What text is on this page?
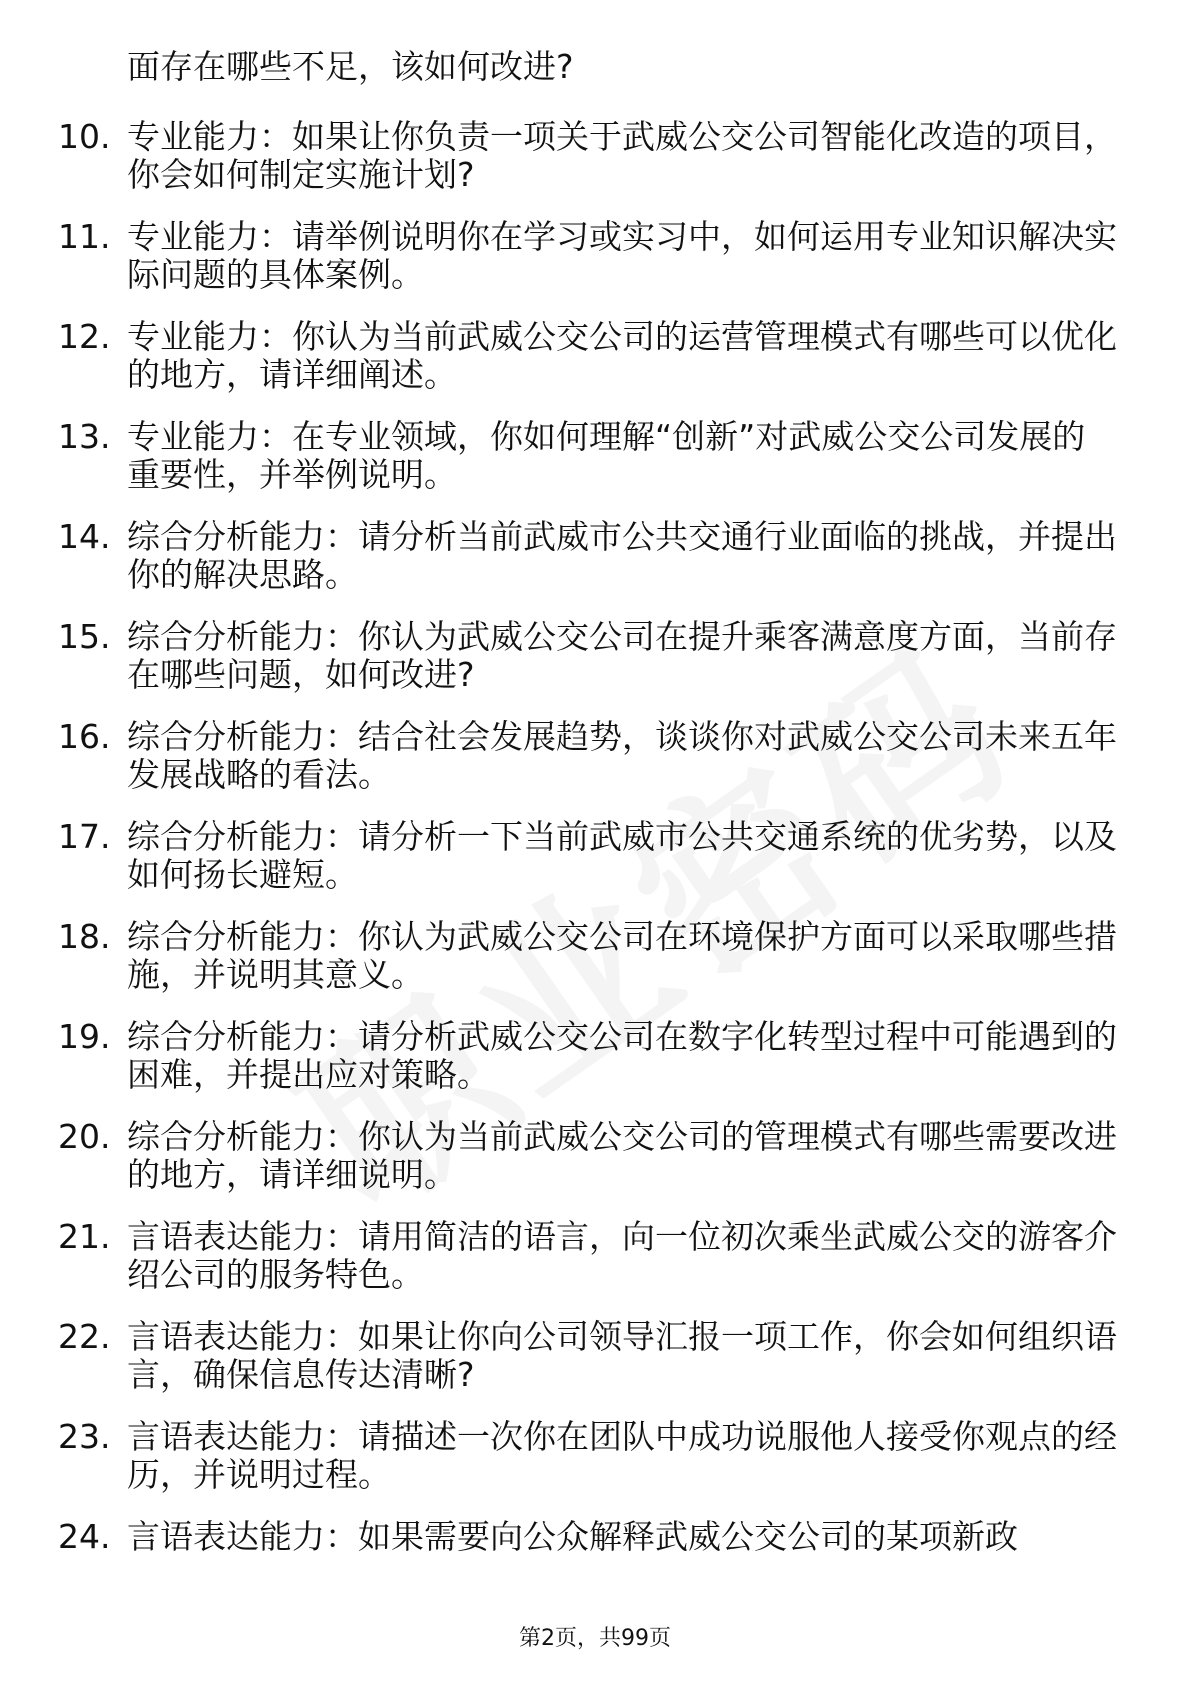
面存在哪些不足，该如何改进?
10. 专业能力：如果让你负责一项关于武威公交公司智能化改造的项目，你会如何制定实施计划?
11. 专业能力：请举例说明你在学习或实习中，如何运用专业知识解决实际问题的具体案例。
12. 专业能力：你认为当前武威公交公司的运营管理模式有哪些可以优化的地方，请详细阐述。
13. 专业能力：在专业领域，你如何理解“创新”对武威公交公司发展的重要性，并举例说明。
14. 综合分析能力：请分析当前武威市公共交通行业面临的挑战，并提出你的解决思路。
15. 综合分析能力：你认为武威公交公司在提升乘客满意度方面，当前存在哪些问题，如何改进?
16. 综合分析能力：结合社会发展趋势，谈谈你对武威公交公司未来五年发展战略的看法。
17. 综合分析能力：请分析一下当前武威市公共交通系统的优劣势，以及如何扬长避短。
18. 综合分析能力：你认为武威公交公司在环境保护方面可以采取哪些措施，并说明其意义。
19. 综合分析能力：请分析武威公交公司在数字化转型过程中可能遇到的困难，并提出应对策略。
20. 综合分析能力：你认为当前武威公交公司的管理模式有哪些需要改进的地方，请详细说明。
21. 言语表达能力：请用简洁的语言，向一位初次乘坐武威公交的游客介绍公司的服务特色。
22. 言语表达能力：如果让你向公司领导汇报一项工作，你会如何组织语言，确保信息传达清晰?
23. 言语表达能力：请描述一次你在团队中成功说服他人接受你观点的经历，并说明过程。
24. 言语表达能力：如果需要向公众解释武威公交公司的某项新政
第2页，共99页
